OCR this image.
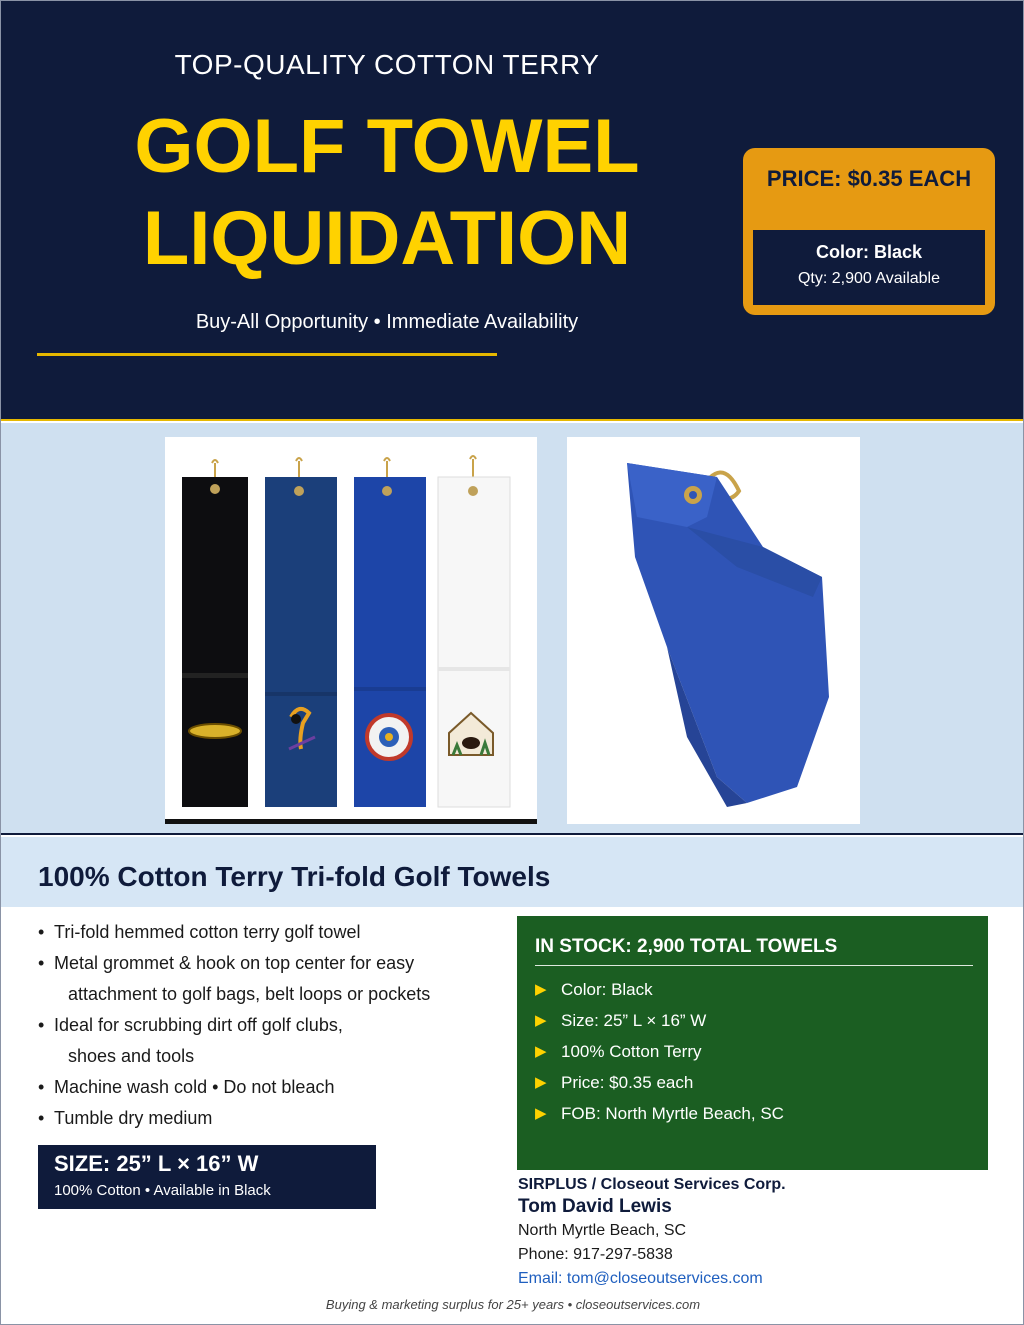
TOP-QUALITY COTTON TERRY
GOLF TOWEL
LIQUIDATION
Buy-All Opportunity • Immediate Availability
PRICE: $0.35 EACH
Color: Black
Qty: 2,900 Available
100% Cotton Terry Tri-fold Golf Towels
• Tri-fold hemmed cotton terry golf towel
• Metal grommet & hook on top center for easy
attachment to golf bags, belt loops or pockets
• Ideal for scrubbing dirt off golf clubs,
shoes and tools
• Machine wash cold • Do not bleach
• Tumble dry medium
SIZE: 25” L × 16” W
100% Cotton • Available in Black
IN STOCK: 2,900 TOTAL TOWELS
▶ Color: Black
▶ Size: 25” L × 16” W
▶ 100% Cotton Terry
▶ Price: $0.35 each
▶ FOB: North Myrtle Beach, SC
SIRPLUS / Closeout Services Corp.
Tom David Lewis
North Myrtle Beach, SC
Phone: 917-297-5838
Email: tom@closeoutservices.com
Buying & marketing surplus for 25+ years • closeoutservices.com
